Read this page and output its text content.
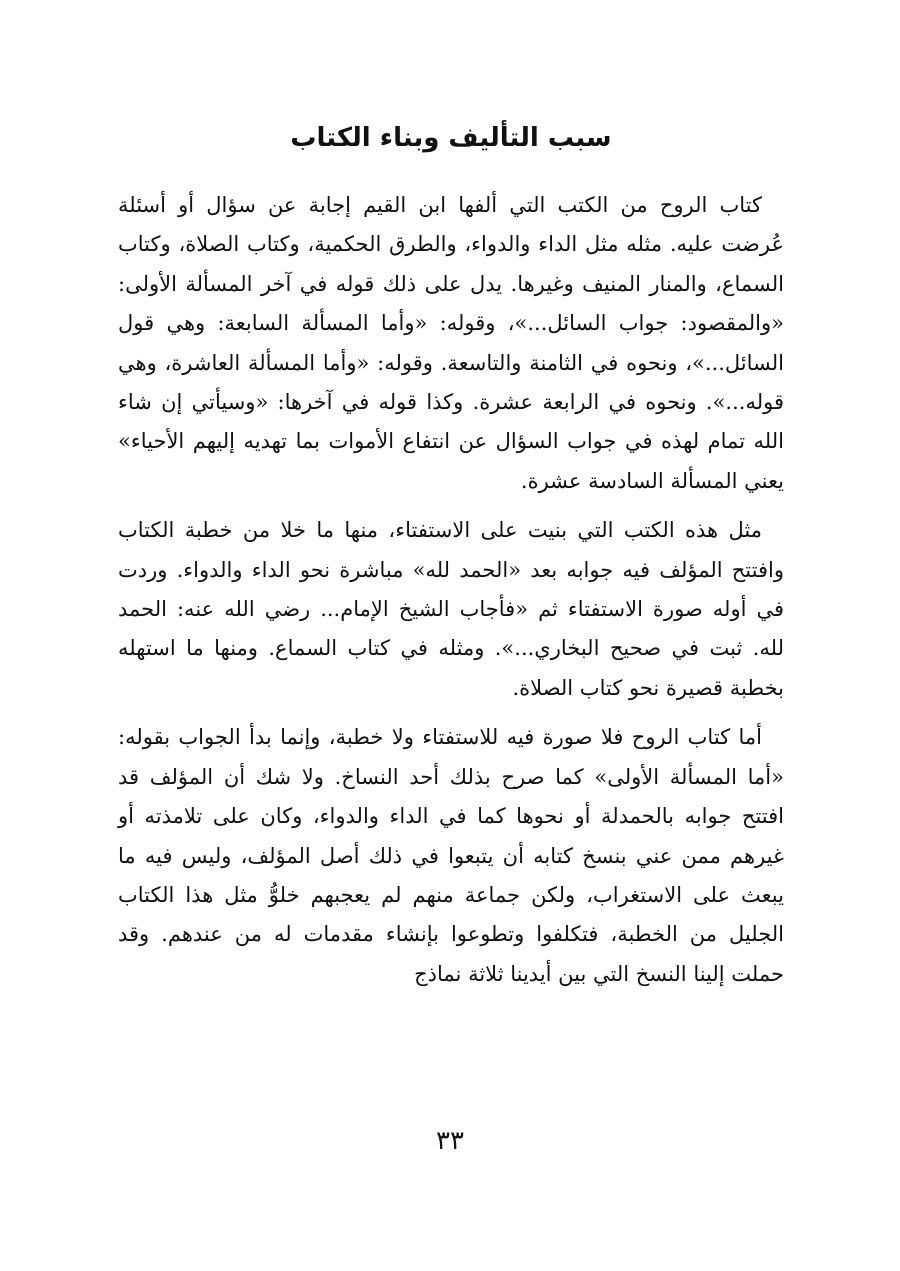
سبب التأليف وبناء الكتاب

كتاب الروح من الكتب التي ألفها ابن القيم إجابة عن سؤال أو أسئلة عُرضت عليه. مثله مثل الداء والدواء، والطرق الحكمية، وكتاب الصلاة، وكتاب السماع، والمنار المنيف وغيرها. يدل على ذلك قوله في آخر المسألة الأولى: «والمقصود: جواب السائل...»، وقوله: «وأما المسألة السابعة: وهي قول السائل...»، ونحوه في الثامنة والتاسعة. وقوله: «وأما المسألة العاشرة، وهي قوله...». ونحوه في الرابعة عشرة. وكذا قوله في آخرها: «وسيأتي إن شاء الله تمام لهذه في جواب السؤال عن انتفاع الأموات بما تهديه إليهم الأحياء» يعني المسألة السادسة عشرة.

مثل هذه الكتب التي بنيت على الاستفتاء، منها ما خلا من خطبة الكتاب وافتتح المؤلف فيه جوابه بعد «الحمد لله» مباشرة نحو الداء والدواء. وردت في أوله صورة الاستفتاء ثم «فأجاب الشيخ الإمام... رضي الله عنه: الحمد لله. ثبت في صحيح البخاري...». ومثله في كتاب السماع. ومنها ما استهله بخطبة قصيرة نحو كتاب الصلاة.

أما كتاب الروح فلا صورة فيه للاستفتاء ولا خطبة، وإنما بدأ الجواب بقوله: «أما المسألة الأولى» كما صرح بذلك أحد النساخ. ولا شك أن المؤلف قد افتتح جوابه بالحمدلة أو نحوها كما في الداء والدواء، وكان على تلامذته أو غيرهم ممن عني بنسخ كتابه أن يتبعوا في ذلك أصل المؤلف، وليس فيه ما يبعث على الاستغراب، ولكن جماعة منهم لم يعجبهم خلوُّ مثل هذا الكتاب الجليل من الخطبة، فتكلفوا وتطوعوا بإنشاء مقدمات له من عندهم. وقد حملت إلينا النسخ التي بين أيدينا ثلاثة نماذج

٣٣
